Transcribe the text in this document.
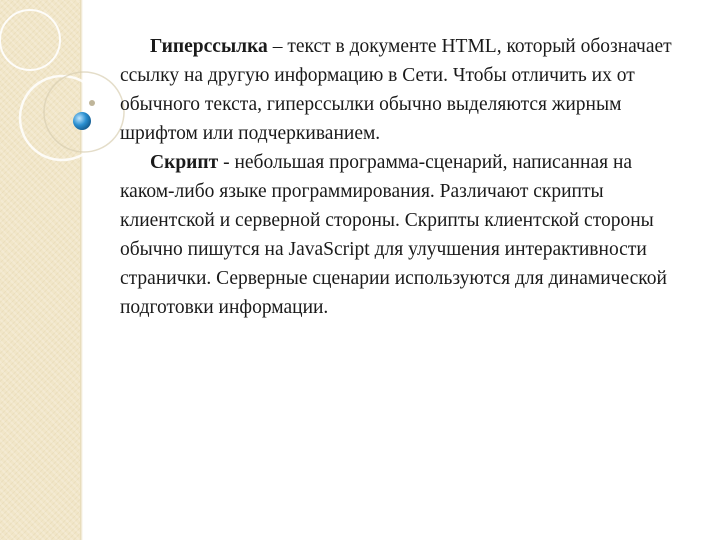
Гиперссылка – текст в документе HTML, который обозначает ссылку на другую информацию в Сети. Чтобы отличить их от обычного текста, гиперссылки обычно выделяются жирным шрифтом или подчеркиванием.

Скрипт - небольшая программа-сценарий, написанная на каком-либо языке программирования. Различают скрипты клиентской и серверной стороны. Скрипты клиентской стороны обычно пишутся на JavaScript для улучшения интерактивности странички. Серверные сценарии используются для динамической подготовки информации.
